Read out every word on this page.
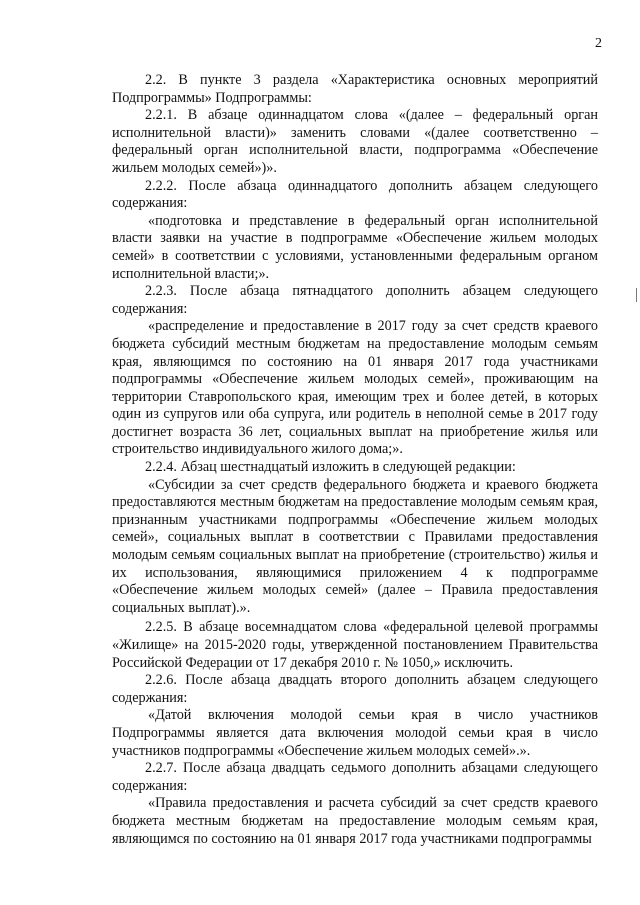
2

2.2. В пункте 3 раздела «Характеристика основных мероприятий Подпрограммы» Подпрограммы:

2.2.1. В абзаце одиннадцатом слова «(далее – федеральный орган исполнительной власти)» заменить словами «(далее соответственно – федеральный орган исполнительной власти, подпрограмма «Обеспечение жильем молодых семей»)».

2.2.2. После абзаца одиннадцатого дополнить абзацем следующего содержания:

«подготовка и представление в федеральный орган исполнительной власти заявки на участие в подпрограмме «Обеспечение жильем молодых семей» в соответствии с условиями, установленными федеральным органом исполнительной власти;».

2.2.3. После абзаца пятнадцатого дополнить абзацем следующего содержания:

«распределение и предоставление в 2017 году за счет средств краевого бюджета субсидий местным бюджетам на предоставление молодым семьям края, являющимся по состоянию на 01 января 2017 года участниками подпрограммы «Обеспечение жильем молодых семей», проживающим на территории Ставропольского края, имеющим трех и более детей, в которых один из супругов или оба супруга, или родитель в неполной семье в 2017 году достигнет возраста 36 лет, социальных выплат на приобретение жилья или строительство индивидуального жилого дома;».

2.2.4. Абзац шестнадцатый изложить в следующей редакции:

«Субсидии за счет средств федерального бюджета и краевого бюджета предоставляются местным бюджетам на предоставление молодым семьям края, признанным участниками подпрограммы «Обеспечение жильем молодых семей», социальных выплат в соответствии с Правилами предоставления молодым семьям социальных выплат на приобретение (строительство) жилья и их использования, являющимися приложением 4 к подпрограмме «Обеспечение жильем молодых семей» (далее – Правила предоставления социальных выплат).».

2.2.5. В абзаце восемнадцатом слова «федеральной целевой программы «Жилище» на 2015-2020 годы, утвержденной постановлением Правительства Российской Федерации от 17 декабря 2010 г. № 1050,» исключить.

2.2.6. После абзаца двадцать второго дополнить абзацем следующего содержания:

«Датой включения молодой семьи края в число участников Подпрограммы является дата включения молодой семьи края в число участников подпрограммы «Обеспечение жильем молодых семей».».

2.2.7. После абзаца двадцать седьмого дополнить абзацами следующего содержания:

«Правила предоставления и расчета субсидий за счет средств краевого бюджета местным бюджетам на предоставление молодым семьям края, являющимся по состоянию на 01 января 2017 года участниками подпрограммы
